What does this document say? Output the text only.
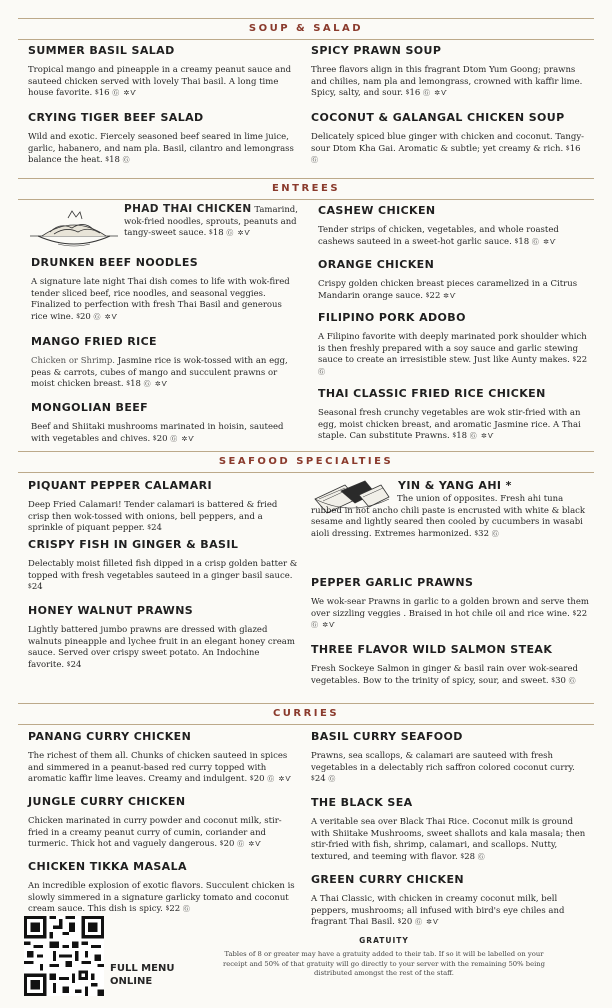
SOUP & SALAD
ENTREES
SEAFOOD SPECIALTIES
CURRIES
SUMMER BASIL SALAD

Tropical mango and pineapple in a creamy peanut sauce and sauteed chicken served with lovely Thai basil. A long time house favorite. $16 Ⓖ ✲Ѵ

SPICY PRAWN SOUP

Three flavors align in this fragrant Dtom Yum Goong; prawns and chilies, nam pla and lemongrass, crowned with kaffir lime. Spicy, salty, and sour. $16 Ⓖ ✲Ѵ

CRYING TIGER BEEF SALAD

Wild and exotic. Fiercely seasoned beef seared in lime juice, garlic, habanero, and nam pla. Basil, cilantro and lemongrass balance the heat. $18 Ⓖ

COCONUT & GALANGAL CHICKEN SOUP

Delicately spiced blue ginger with chicken and coconut. Tangy-sour Dtom Kha Gai. Aromatic & subtle; yet creamy & rich. $16 Ⓖ

PHAD THAI CHICKEN Tamarind, wok-fried noodles, sprouts, peanuts and tangy-sweet sauce. $18 Ⓖ ✲Ѵ

CASHEW CHICKEN

Tender strips of chicken, vegetables, and whole roasted cashews sauteed in a sweet-hot garlic sauce. $18 Ⓖ ✲Ѵ

DRUNKEN BEEF NOODLES

A signature late night Thai dish comes to life with wok-fired tender sliced beef, rice noodles, and seasonal veggies. Finalized to perfection with fresh Thai Basil and generous rice wine. $20 Ⓖ ✲Ѵ

ORANGE CHICKEN

Crispy golden chicken breast pieces caramelized in a Citrus Mandarin orange sauce. $22 ✲Ѵ

FILIPINO PORK ADOBO

A Filipino favorite with deeply marinated pork shoulder which is then freshly prepared with a soy sauce and garlic stewing sauce to create an irresistible stew. Just like Aunty makes. $22 Ⓖ

MANGO FRIED RICE

Chicken or Shrimp. Jasmine rice is wok-tossed with an egg, peas & carrots, cubes of mango and succulent prawns or moist chicken breast. $18 Ⓖ ✲Ѵ

THAI CLASSIC FRIED RICE CHICKEN

Seasonal fresh crunchy vegetables are wok stir-fried with an egg, moist chicken breast, and aromatic Jasmine rice. A Thai staple. Can substitute Prawns. $18 Ⓖ ✲Ѵ

MONGOLIAN BEEF

Beef and Shiitaki mushrooms marinated in hoisin, sauteed with vegetables and chives. $20 Ⓖ ✲Ѵ

PIQUANT PEPPER CALAMARI

Deep Fried Calamari! Tender calamari is battered & fried crisp then wok-tossed with onions, bell peppers, and a sprinkle of piquant pepper. $24

YIN & YANG AHI *

The union of opposites. Fresh ahi tuna rubbed in hot ancho chili paste is encrusted with white & black sesame and lightly seared then cooled by cucumbers in wasabi aioli dressing. Extremes harmonized. $32 Ⓖ

CRISPY FISH IN GINGER & BASIL

Delectably moist filleted fish dipped in a crisp golden batter & topped with fresh vegetables sauteed in a ginger basil sauce. $24	PEPPER GARLIC PRAWNS

We wok-sear Prawns in garlic to a golden brown and serve them over sizzling veggies . Braised in hot chile oil and rice wine. $22 Ⓖ ✲Ѵ

HONEY WALNUT PRAWNS

Lightly battered jumbo prawns are dressed with glazed walnuts pineapple and lychee fruit in an elegant honey cream sauce. Served over crispy sweet potato. An Indochine favorite. $24

THREE FLAVOR WILD SALMON STEAK

Fresh Sockeye Salmon in ginger & basil rain over wok-seared vegetables. Bow to the trinity of spicy, sour, and sweet. $30 Ⓖ

PANANG CURRY CHICKEN

The richest of them all. Chunks of chicken sauteed in spices and simmered in a peanut-based red curry topped with aromatic kaffir lime leaves. Creamy and indulgent. $20 Ⓖ ✲Ѵ

BASIL CURRY SEAFOOD

Prawns, sea scallops, & calamari are sauteed with fresh vegetables in a delectably rich saffron colored coconut curry. $24 Ⓖ

JUNGLE CURRY CHICKEN

Chicken marinated in curry powder and coconut milk, stir-fried in a creamy peanut curry of cumin, coriander and turmeric. Thick hot and vaguely dangerous. $20 Ⓖ ✲Ѵ

THE BLACK SEA

A veritable sea over Black Thai Rice. Coconut milk is ground with Shiitake Mushrooms, sweet shallots and kala masala; then stir-fried with fish, shrimp, calamari, and scallops. Nutty, textured, and teeming with flavor. $28 Ⓖ

CHICKEN TIKKA MASALA

An incredible explosion of exotic flavors. Succulent chicken is slowly simmered in a signature garlicky tomato and coconut cream sauce. This dish is spicy. $22 Ⓖ

GREEN CURRY CHICKEN

A Thai Classic, with chicken in creamy coconut milk, bell peppers, mushrooms; all infused with bird's eye chiles and fragrant Thai Basil. $20 Ⓖ ✲Ѵ

FULL MENU
ONLINE
GRATUITY
Tables of 8 or greater may have a gratuity added to their tab. If so it will be labelled on your receipt and 50% of that gratuity will go directly to your server with the remaining 50% being distributed amongst the rest of the staff.
